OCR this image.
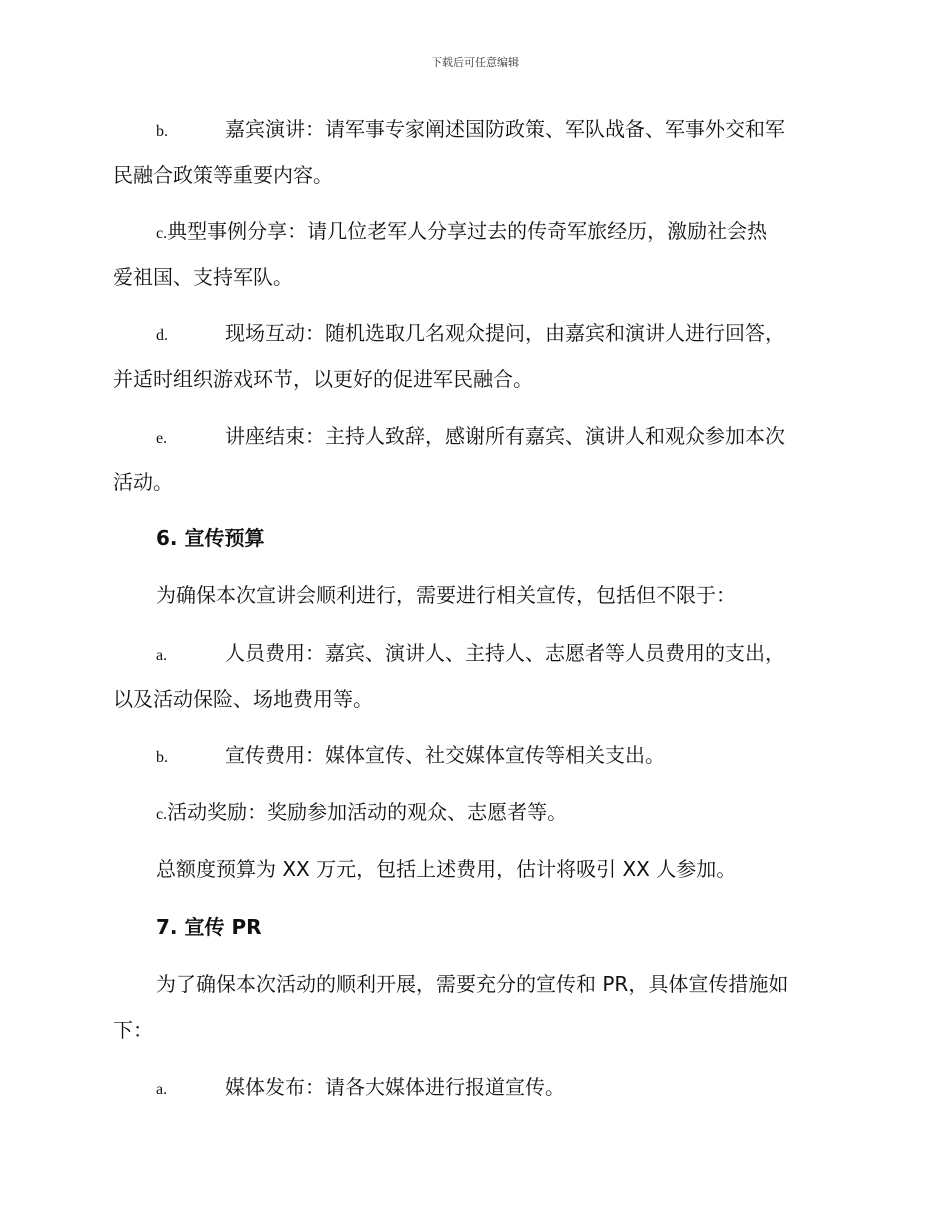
下载后可任意编辑
b.	嘉宾演讲：请军事专家阐述国防政策、军队战备、军事外交和军
民融合政策等重要内容。
c.典型事例分享：请几位老军人分享过去的传奇军旅经历，激励社会热
爱祖国、支持军队。
d.	现场互动：随机选取几名观众提问，由嘉宾和演讲人进行回答，
并适时组织游戏环节，以更好的促进军民融合。
e.	讲座结束：主持人致辞，感谢所有嘉宾、演讲人和观众参加本次
活动。
6. 宣传预算
为确保本次宣讲会顺利进行，需要进行相关宣传，包括但不限于：
a.	人员费用：嘉宾、演讲人、主持人、志愿者等人员费用的支出，
以及活动保险、场地费用等。
b.	宣传费用：媒体宣传、社交媒体宣传等相关支出。
c.活动奖励：奖励参加活动的观众、志愿者等。
总额度预算为 XX 万元，包括上述费用，估计将吸引 XX 人参加。
7. 宣传 PR
为了确保本次活动的顺利开展，需要充分的宣传和 PR，具体宣传措施如
下：
a.	媒体发布：请各大媒体进行报道宣传。
